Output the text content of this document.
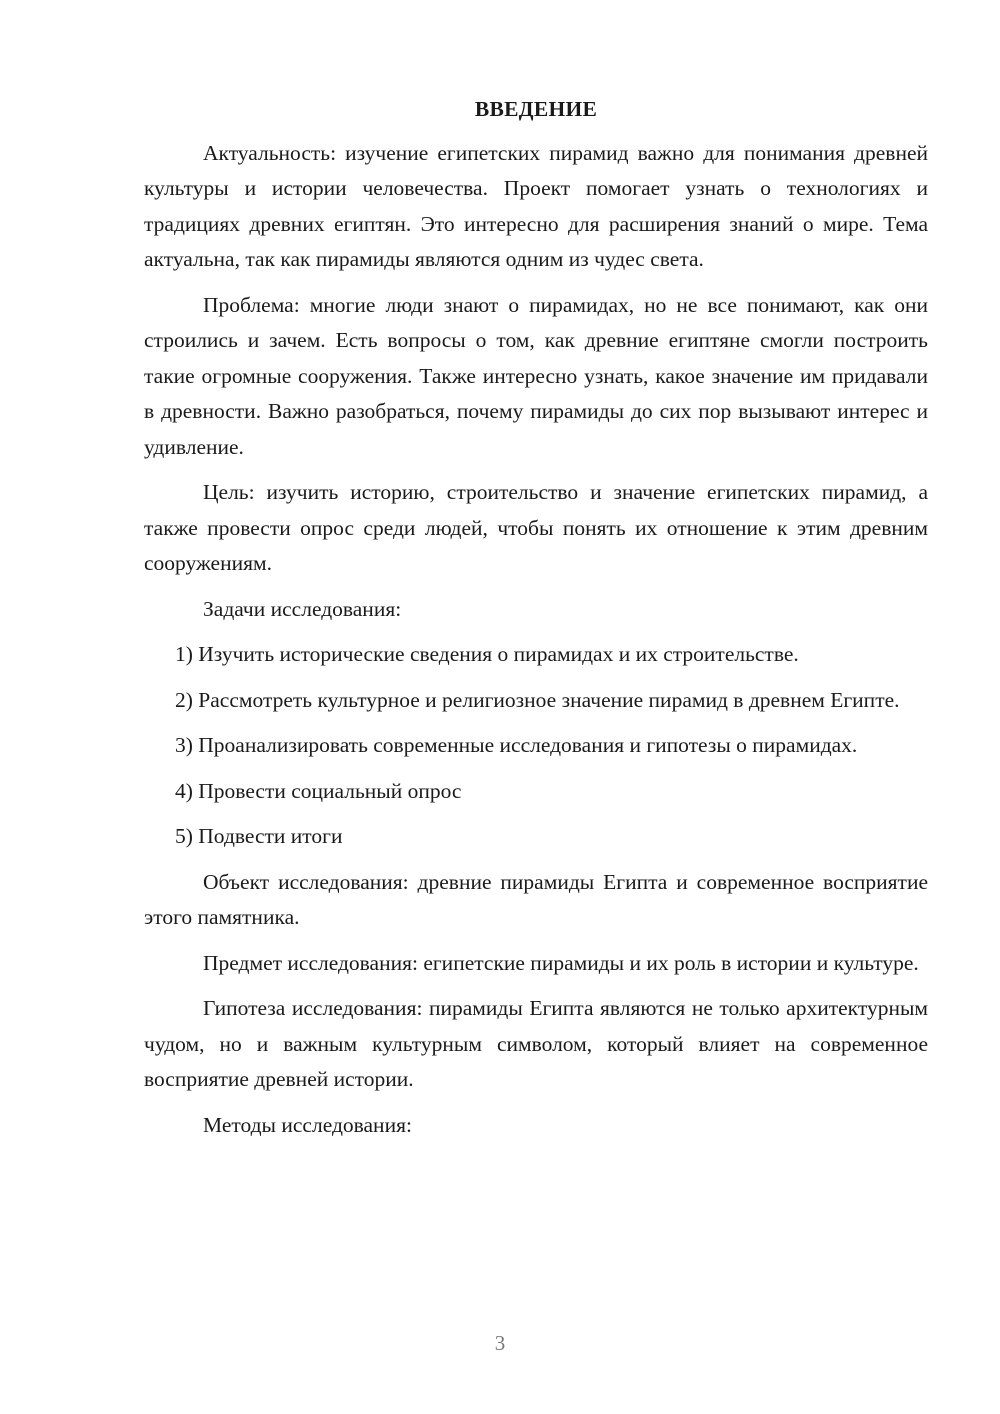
ВВЕДЕНИЕ

Актуальность: изучение египетских пирамид важно для понимания древней культуры и истории человечества. Проект помогает узнать о технологиях и традициях древних египтян. Это интересно для расширения знаний о мире. Тема актуальна, так как пирамиды являются одним из чудес света.

Проблема: многие люди знают о пирамидах, но не все понимают, как они строились и зачем. Есть вопросы о том, как древние египтяне смогли построить такие огромные сооружения. Также интересно узнать, какое значение им придавали в древности. Важно разобраться, почему пирамиды до сих пор вызывают интерес и удивление.

Цель: изучить историю, строительство и значение египетских пирамид, а также провести опрос среди людей, чтобы понять их отношение к этим древним сооружениям.

Задачи исследования:

1) Изучить исторические сведения о пирамидах и их строительстве.

2) Рассмотреть культурное и религиозное значение пирамид в древнем Египте.

3) Проанализировать современные исследования и гипотезы о пирамидах.

4) Провести социальный опрос

5) Подвести итоги

Объект исследования: древние пирамиды Египта и современное восприятие этого памятника.

Предмет исследования: египетские пирамиды и их роль в истории и культуре.

Гипотеза исследования: пирамиды Египта являются не только архитектурным чудом, но и важным культурным символом, который влияет на современное восприятие древней истории.

Методы исследования:

3
